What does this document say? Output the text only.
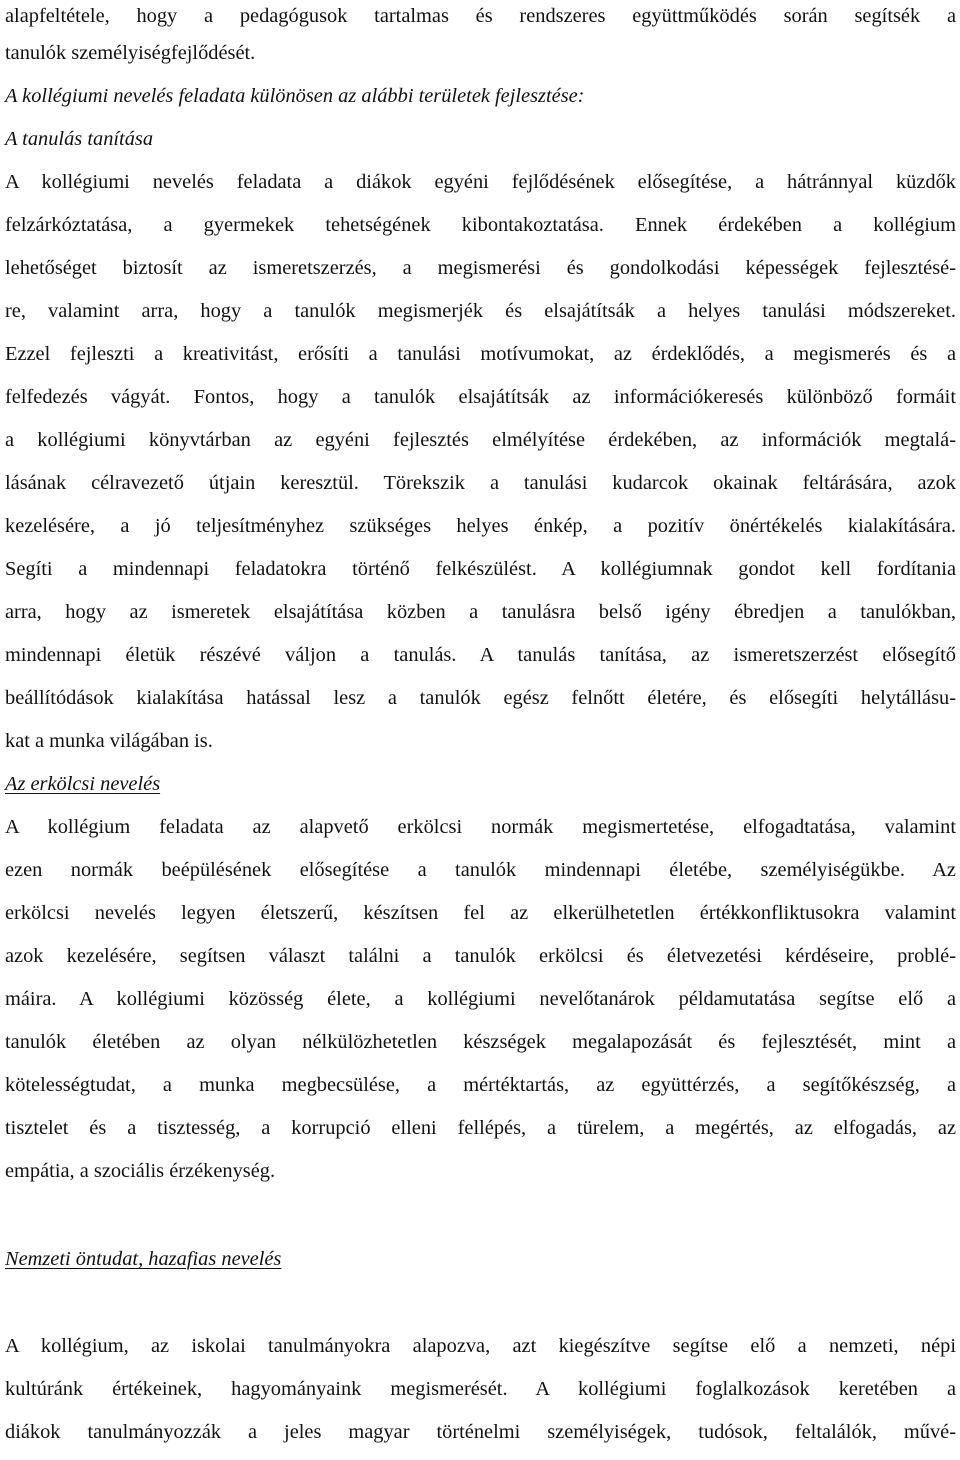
alapfeltétele, hogy a pedagógusok tartalmas és rendszeres együttműködés során segítsék a
tanulók személyiségfejlődését.
A kollégiumi nevelés feladata különösen az alábbi területek fejlesztése:
A tanulás tanítása
A kollégiumi nevelés feladata a diákok egyéni fejlődésének elősegítése, a hátránnyal küzdők
felzárkóztatása, a gyermekek tehetségének kibontakoztatása. Ennek érdekében a kollégium
lehetőséget biztosít az ismeretszerzés, a megismerési és gondolkodási képességek fejlesztésé-
re, valamint arra, hogy a tanulók megismerjék és elsajátítsák a helyes tanulási módszereket.
Ezzel fejleszti a kreativitást, erősíti a tanulási motívumokat, az érdeklődés, a megismerés és a
felfedezés vágyát. Fontos, hogy a tanulók elsajátítsák az információkeresés különböző formáit
a kollégiumi könyvtárban az egyéni fejlesztés elmélyítése érdekében, az információk megtalá-
lásának célravezető útjain keresztül. Törekszik a tanulási kudarcok okainak feltárására, azok
kezelésére, a jó teljesítményhez szükséges helyes énkép, a pozitív önértékelés kialakítására.
Segíti a mindennapi feladatokra történő felkészülést. A kollégiumnak gondot kell fordítania
arra, hogy az ismeretek elsajátítása közben a tanulásra belső igény ébredjen a tanulókban,
mindennapi életük részévé váljon a tanulás. A tanulás tanítása, az ismeretszerzést elősegítő
beállítódások kialakítása hatással lesz a tanulók egész felnőtt életére, és elősegíti helytállásu-
kat a munka világában is.
Az erkölcsi nevelés
A kollégium feladata az alapvető erkölcsi normák megismertetése, elfogadtatása, valamint
ezen normák beépülésének elősegítése a tanulók mindennapi életébe, személyiségükbe. Az
erkölcsi nevelés legyen életszerű, készítsen fel az elkerülhetetlen értékkonfliktusokra valamint
azok kezelésére, segítsen választ találni a tanulók erkölcsi és életvezetési kérdéseire, problé-
máira. A kollégiumi közösség élete, a kollégiumi nevelőtanárok példamutatása segítse elő a
tanulók életében az olyan nélkülözhetetlen készségek megalapozását és fejlesztését, mint a
kötelességtudat, a munka megbecsülése, a mértéktartás, az együttérzés, a segítőkészség, a
tisztelet és a tisztesség, a korrupció elleni fellépés, a türelem, a megértés, az elfogadás, az
empátia, a szociális érzékenység.
Nemzeti öntudat, hazafias nevelés
A kollégium, az iskolai tanulmányokra alapozva, azt kiegészítve segítse elő a nemzeti, népi
kultúránk értékeinek, hagyományaink megismerését. A kollégiumi foglalkozások keretében a
diákok tanulmányozzák a jeles magyar történelmi személyiségek, tudósok, feltalálók, művé-
